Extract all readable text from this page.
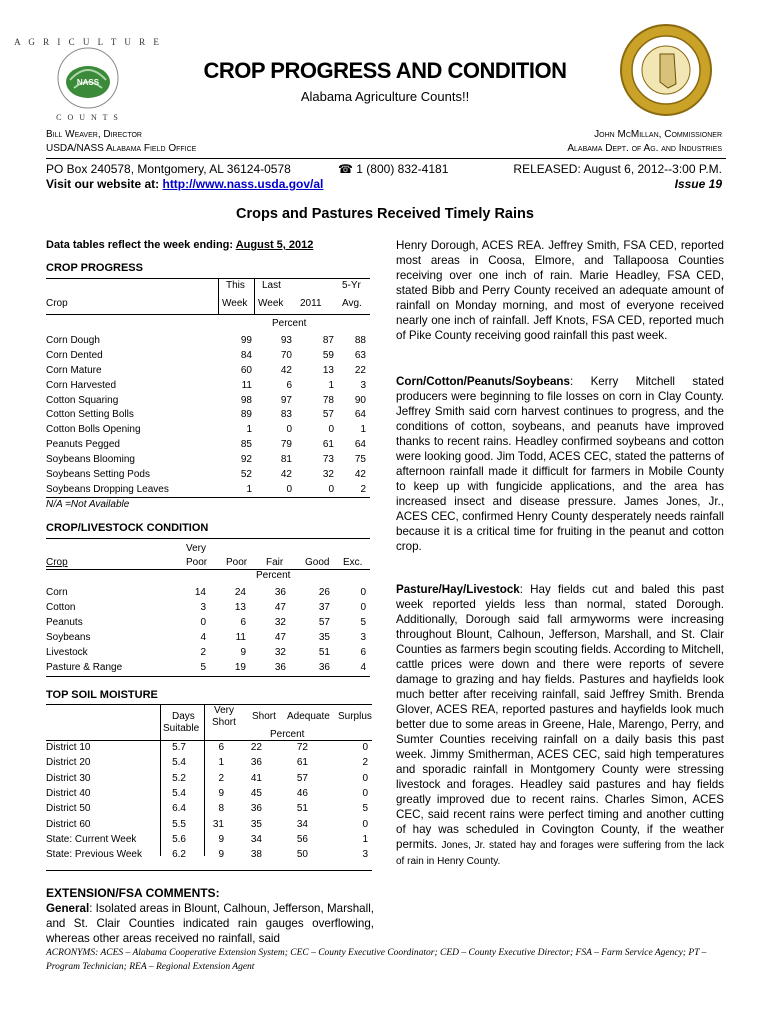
A G R I C U L T U R E
C O U N T S
NASS	CROP PROGRESS AND CONDITION
Alabama Agriculture Counts!!
Bill Weaver, Director
USDA/NASS Alabama Field Office
John McMillan, Commissioner
Alabama Dept. of Ag. and Industries
PO Box 240578, Montgomery, AL 36124-0578	☎ 1 (800) 832-4181	RELEASED: August 6, 2012--3:00 P.M.
Visit our website at: http://www.nass.usda.gov/al	Issue 19
Crops and Pastures Received Timely Rains
Data tables reflect the week ending: August 5, 2012
CROP PROGRESS
This Last	5-Yr
Crop	Week Week 2011 Avg.
Percent
Corn Dough	99	93	87	88
Corn Dented	84	70	59	63
Corn Mature	60	42	13	22
Corn Harvested	11	6	1	3
Cotton Squaring	98	97	78	90
Cotton Setting Bolls	89	83	57	64
Cotton Bolls Opening	1	0	0	1
Peanuts Pegged	85	79	61	64
Soybeans Blooming	92	81	73	75
Soybeans Setting Pods	52	42	32	42
Soybeans Dropping Leaves	1	0	0	2
N/A =Not Available
CROP/LIVESTOCK CONDITION
Very
Crop	Poor Poor Fair Good Exc.
Percent
Corn	14	24	36	26	0
Cotton	3	13	47	37	0
Peanuts	0	6	32	57	5
Soybeans	4	11	47	35	3
Livestock	2	9	32	51	6
Pasture & Range	5	19	36	36	4
TOP SOIL MOISTURE
Days
Suitable
Very
Short
Short Adequate Surplus
Percent
District 10	5.7	6	22	72	0
District 20	5.4	1	36	61	2
District 30	5.2	2	41	57	0
District 40	5.4	9	45	46	0
District 50	6.4	8	36	51	5
District 60	5.5	31	35	34	0
State: Current Week	5.6	9	34	56	1
State: Previous Week	6.2	9	38	50	3
EXTENSION/FSA COMMENTS:
General: Isolated areas in Blount, Calhoun, Jefferson, Marshall, and St. Clair Counties indicated rain gauges overflowing, whereas other areas received no rainfall, said
Henry Dorough, ACES REA. Jeffrey Smith, FSA CED, reported most areas in Coosa, Elmore, and Tallapoosa Counties receiving over one inch of rain. Marie Headley, FSA CED, stated Bibb and Perry County received an adequate amount of rainfall on Monday morning, and most of everyone received nearly one inch of rainfall. Jeff Knots, FSA CED, reported much of Pike County receiving good rainfall this past week.
Corn/Cotton/Peanuts/Soybeans: Kerry Mitchell stated producers were beginning to file losses on corn in Clay County. Jeffrey Smith said corn harvest continues to progress, and the conditions of cotton, soybeans, and peanuts have improved thanks to recent rains. Headley confirmed soybeans and cotton were looking good. Jim Todd, ACES CEC, stated the patterns of afternoon rainfall made it difficult for farmers in Mobile County to keep up with fungicide applications, and the area has increased insect and disease pressure. James Jones, Jr., ACES CEC, confirmed Henry County desperately needs rainfall because it is a critical time for fruiting in the peanut and cotton crop.
Pasture/Hay/Livestock: Hay fields cut and baled this past week reported yields less than normal, stated Dorough. Additionally, Dorough said fall armyworms were increasing throughout Blount, Calhoun, Jefferson, Marshall, and St. Clair Counties as farmers begin scouting fields. According to Mitchell, cattle prices were down and there were reports of severe damage to grazing and hay fields. Pastures and hayfields look much better after receiving rainfall, said Jeffrey Smith. Brenda Glover, ACES REA, reported pastures and hayfields look much better due to some areas in Greene, Hale, Marengo, Perry, and Sumter Counties receiving rainfall on a daily basis this past week. Jimmy Smitherman, ACES CEC, said high temperatures and sporadic rainfall in Montgomery County were stressing livestock and forages. Headley said pastures and hay fields greatly improved due to recent rains. Charles Simon, ACES CEC, said recent rains were perfect timing and another cutting of hay was scheduled in Covington County, if the weather permits. Jones, Jr. stated hay and forages were suffering from the lack of rain in Henry County.
ACRONYMS: ACES – Alabama Cooperative Extension System; CEC – County Executive Coordinator; CED – County Executive Director; FSA – Farm Service Agency; PT – Program Technician; REA – Regional Extension Agent
